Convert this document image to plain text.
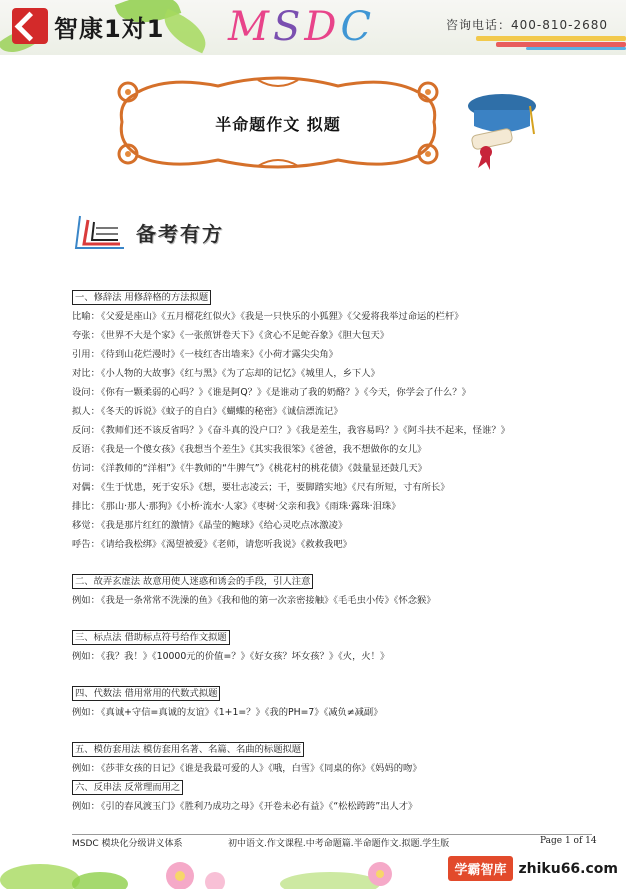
智康1对1 MSDC	咨询电话：400-810-2680
半命题作文 拟题
备考有方
一、修辞法 用修辞格的方法拟题
比喻：《父爱是座山》《五月榴花红似火》《我是一只快乐的小狐狸》《父爱将我举过命运的栏杆》
夸张：《世界不大是个家》《一张煎饼卷天下》《贪心不足蛇吞象》《胆大包天》
引用：《待到山花烂漫时》《一枝红杏出墙来》《小荷才露尖尖角》
对比：《小人物的大故事》《红与黑》《为了忘却的记忆》《城里人，乡下人》
设问：《你有一颗柔弱的心吗？》《谁是阿Q？》《是谁动了我的奶酪？》《今天，你学会了什么？》
拟人：《冬天的诉说》《蚊子的自白》《蝴蝶的秘密》《诚信漂流记》
反问：《教师们还不该反省吗？》《奋斗真的没户口？》《我是差生，我容易吗？》《阿斗扶不起来，怪谁？》
反语：《我是一个傻女孩》《我想当个差生》《其实我很笨》《爸爸，我不想做你的女儿》
仿词：《洋教师的“洋相”》《牛教师的“牛脾气”》《桃花村的桃花债》《鼓量显还鼓几天》
对偶：《生于忧患，死于安乐》《想，要壮志凌云；干，要脚踏实地》《尺有所短，寸有所长》
排比：《那山·那人·那狗》《小桥·流水·人家》《枣树·父亲和我》《雨珠·露珠·泪珠》
移觉：《我是那片红红的激情》《晶莹的鲍球》《给心灵吃点冰激凌》
呼告：《请给我松绑》《渴望被爱》《老师，请您听我说》《救救我吧》
二、故弄玄虚法 故意用使人迷惑和诱会的手段，引人注意
例如：《我是一条常常不洗澡的鱼》《我和他的第一次亲密接触》《毛毛虫小传》《怀念猴》
三、标点法 借助标点符号给作文拟题
例如：《我？我！》《10000元的价值=？》《好女孩？坏女孩？》《火，火！》
四、代数法 借用常用的代数式拟题
例如：《真诚+守信=真诚的友谊》《1+1=？》《我的PH=7》《减负≠减副》
五、模仿套用法 模仿套用名著、名篇、名曲的标题拟题
例如：《莎菲女孩的日记》《谁是我最可爱的人》《哦，白雪》《同桌的你》《妈妈的吻》
六、反串法 反常理而用之
例如：《引的春风渡玉门》《胜利乃成功之母》《开卷未必有益》《“松松跨跨”出人才》
MSDC 模块化分级讲义体系	初中语文.作文课程.中考命题篇.半命题作文.拟题.学生版	Page 1 of 14
学霸智库 zhiku66.com
